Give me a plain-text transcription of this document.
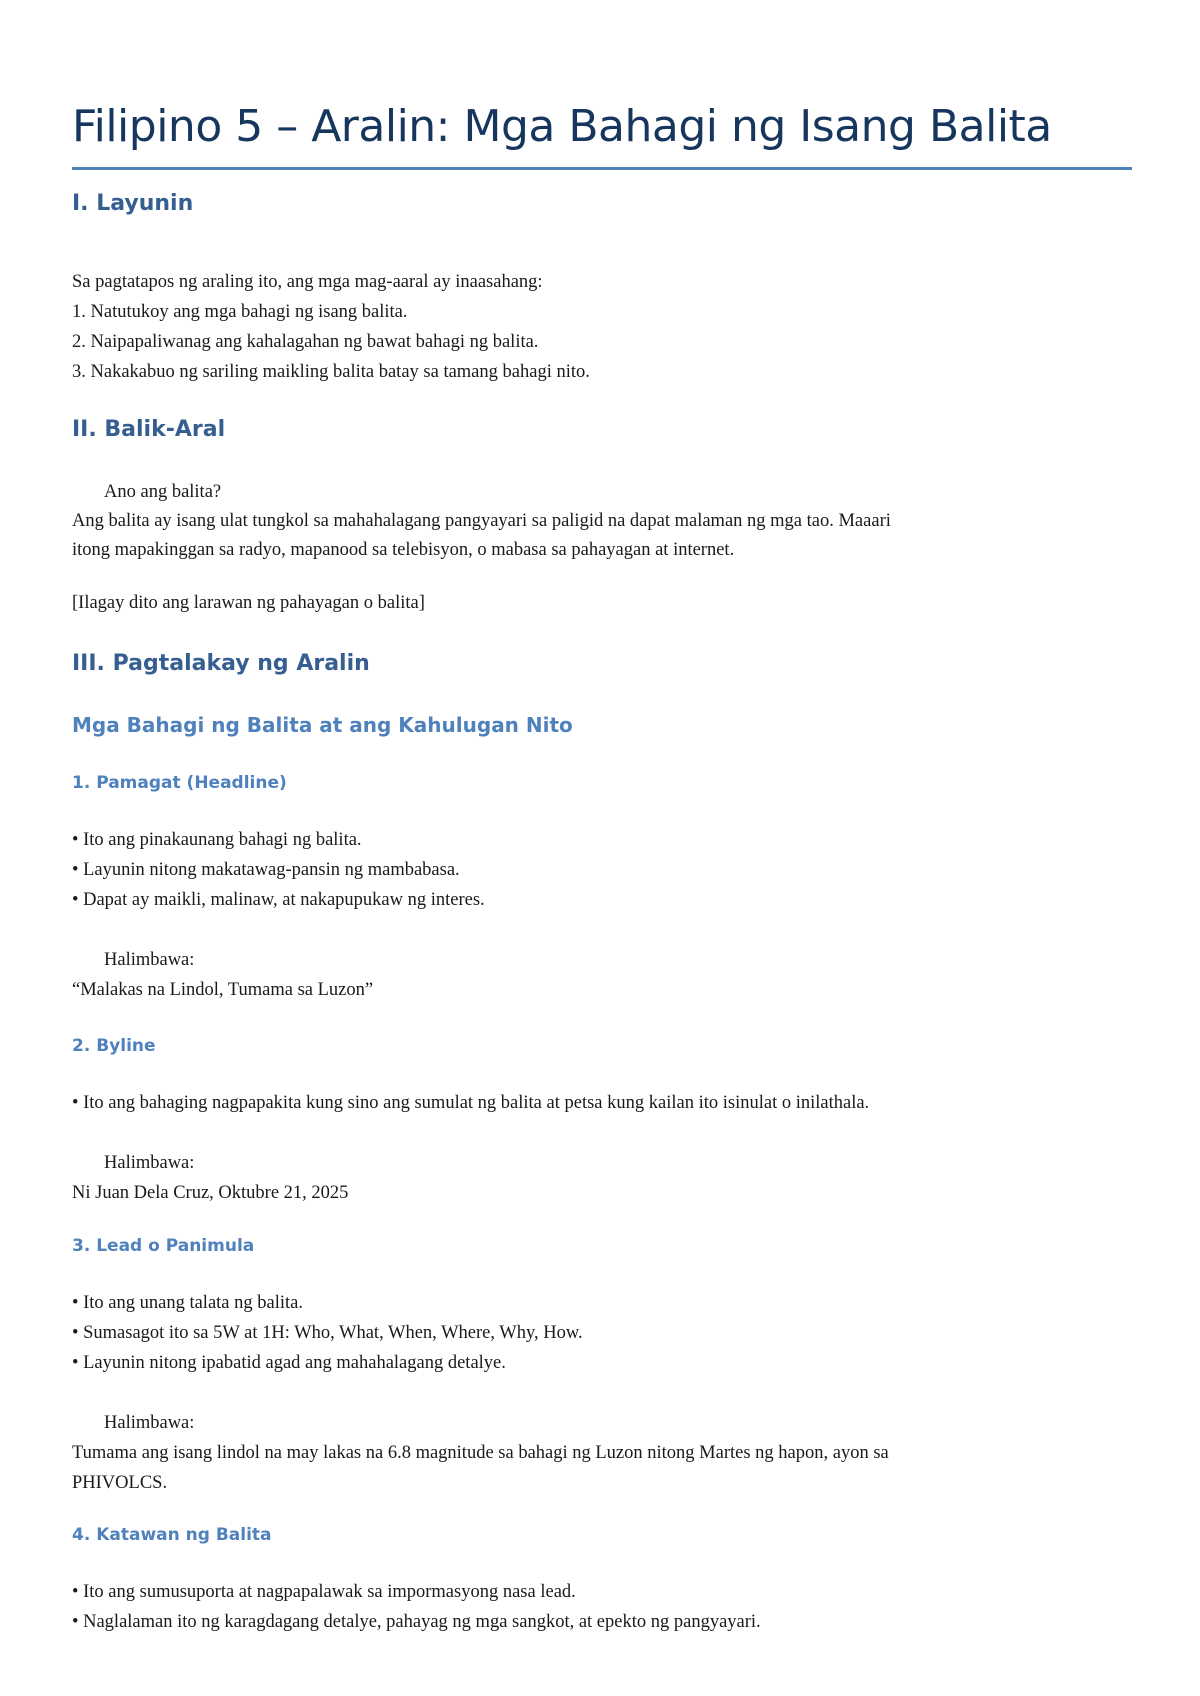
Filipino 5 – Aralin: Mga Bahagi ng Isang Balita
I. Layunin
Sa pagtatapos ng araling ito, ang mga mag-aaral ay inaasahang:
1. Natutukoy ang mga bahagi ng isang balita.
2. Naipapaliwanag ang kahalagahan ng bawat bahagi ng balita.
3. Nakakabuo ng sariling maikling balita batay sa tamang bahagi nito.
II. Balik-Aral
Ano ang balita?
Ang balita ay isang ulat tungkol sa mahahalagang pangyayari sa paligid na dapat malaman ng mga tao. Maaari
itong mapakinggan sa radyo, mapanood sa telebisyon, o mabasa sa pahayagan at internet.
[Ilagay dito ang larawan ng pahayagan o balita]
III. Pagtalakay ng Aralin
Mga Bahagi ng Balita at ang Kahulugan Nito
1. Pamagat (Headline)
• Ito ang pinakaunang bahagi ng balita.
• Layunin nitong makatawag-pansin ng mambabasa.
• Dapat ay maikli, malinaw, at nakapupukaw ng interes.
Halimbawa:
“Malakas na Lindol, Tumama sa Luzon”
2. Byline
• Ito ang bahaging nagpapakita kung sino ang sumulat ng balita at petsa kung kailan ito isinulat o inilathala.
Halimbawa:
Ni Juan Dela Cruz, Oktubre 21, 2025
3. Lead o Panimula
• Ito ang unang talata ng balita.
• Sumasagot ito sa 5W at 1H: Who, What, When, Where, Why, How.
• Layunin nitong ipabatid agad ang mahahalagang detalye.
Halimbawa:
Tumama ang isang lindol na may lakas na 6.8 magnitude sa bahagi ng Luzon nitong Martes ng hapon, ayon sa
PHIVOLCS.
4. Katawan ng Balita
• Ito ang sumusuporta at nagpapalawak sa impormasyong nasa lead.
• Naglalaman ito ng karagdagang detalye, pahayag ng mga sangkot, at epekto ng pangyayari.
